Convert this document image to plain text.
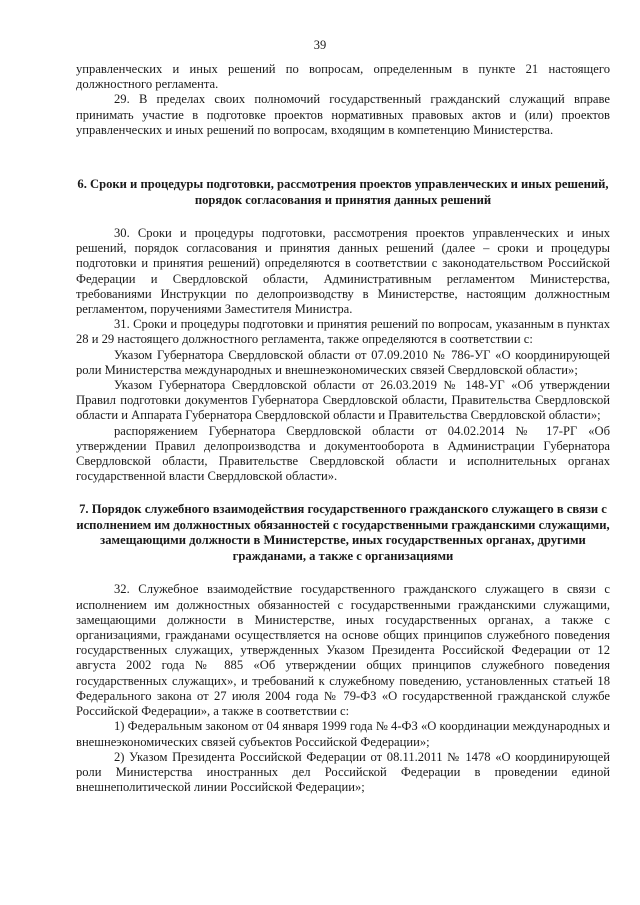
39

управленческих и иных решений по вопросам, определенным в пункте 21 настоящего должностного регламента.

29. В пределах своих полномочий государственный гражданский служащий вправе принимать участие в подготовке проектов нормативных правовых актов и (или) проектов управленческих и иных решений по вопросам, входящим в компетенцию Министерства.

6. Сроки и процедуры подготовки, рассмотрения проектов управленческих и иных решений, порядок согласования и принятия данных решений

30. Сроки и процедуры подготовки, рассмотрения проектов управленческих и иных решений, порядок согласования и принятия данных решений (далее – сроки и процедуры подготовки и принятия решений) определяются в соответствии с законодательством Российской Федерации и Свердловской области, Административным регламентом Министерства, требованиями Инструкции по делопроизводству в Министерстве, настоящим должностным регламентом, поручениями Заместителя Министра.

31. Сроки и процедуры подготовки и принятия решений по вопросам, указанным в пунктах 28 и 29 настоящего должностного регламента, также определяются в соответствии с:

Указом Губернатора Свердловской области от 07.09.2010 № 786-УГ «О координирующей роли Министерства международных и внешнеэкономических связей Свердловской области»;

Указом Губернатора Свердловской области от 26.03.2019 № 148-УГ «Об утверждении Правил подготовки документов Губернатора Свердловской области, Правительства Свердловской области и Аппарата Губернатора Свердловской области и Правительства Свердловской области»;

распоряжением Губернатора Свердловской области от 04.02.2014 № 17-РГ «Об утверждении Правил делопроизводства и документооборота в Администрации Губернатора Свердловской области, Правительстве Свердловской области и исполнительных органах государственной власти Свердловской области».

7. Порядок служебного взаимодействия государственного гражданского служащего в связи с исполнением им должностных обязанностей с государственными гражданскими служащими, замещающими должности в Министерстве, иных государственных органах, другими гражданами, а также с организациями

32. Служебное взаимодействие государственного гражданского служащего в связи с исполнением им должностных обязанностей с государственными гражданскими служащими, замещающими должности в Министерстве, иных государственных органах, а также с организациями, гражданами осуществляется на основе общих принципов служебного поведения государственных служащих, утвержденных Указом Президента Российской Федерации от 12 августа 2002 года № 885 «Об утверждении общих принципов служебного поведения государственных служащих», и требований к служебному поведению, установленных статьей 18 Федерального закона от 27 июля 2004 года № 79-ФЗ «О государственной гражданской службе Российской Федерации», а также в соответствии с:

1) Федеральным законом от 04 января 1999 года № 4-ФЗ «О координации международных и внешнеэкономических связей субъектов Российской Федерации»;

2) Указом Президента Российской Федерации от 08.11.2011 № 1478 «О координирующей роли Министерства иностранных дел Российской Федерации в проведении единой внешнеполитической линии Российской Федерации»;
